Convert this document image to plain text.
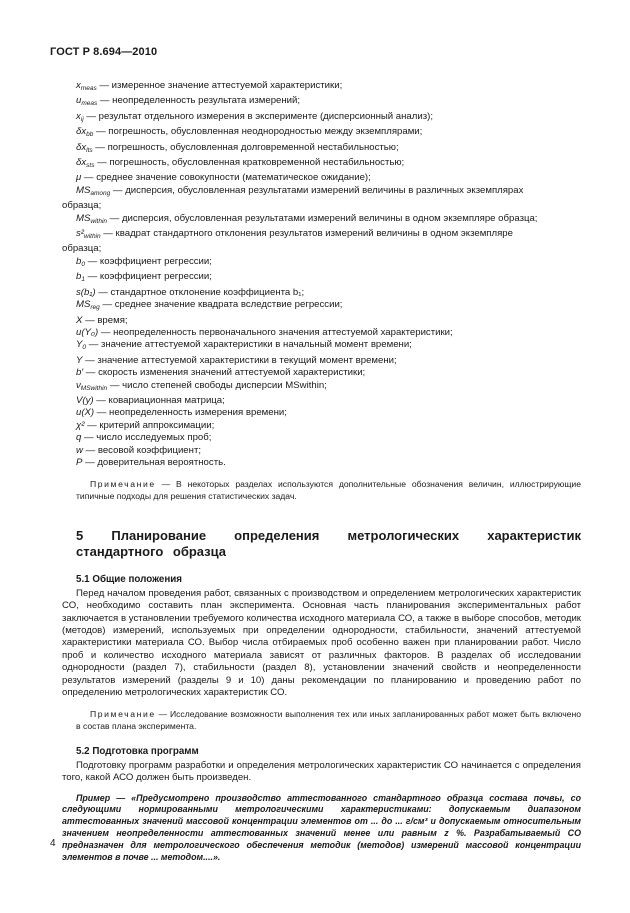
ГОСТ Р 8.694—2010
$x_{meas}$ — измеренное значение аттестуемой характеристики;
$u_{meas}$ — неопределенность результата измерений;
$x_{ij}$ — результат отдельного измерения в эксперименте (дисперсионный анализ);
$\delta x_{bb}$ — погрешность, обусловленная неоднородностью между экземплярами;
$\delta x_{lts}$ — погрешность, обусловленная долговременной нестабильностью;
$\delta x_{sts}$ — погрешность, обусловленная кратковременной нестабильностью;
μ — среднее значение совокупности (математическое ожидание);
$MS_{among}$ — дисперсия, обусловленная результатами измерений величины в различных экземплярах
образца;
$MS_{within}$ — дисперсия, обусловленная результатами измерений величины в одном экземпляре образца;
$s^2_{within}$ — квадрат стандартного отклонения результатов измерений величины в одном экземпляре
образца;
$b_0$ — коэффициент регрессии;
$b_1$ — коэффициент регрессии;
s(b₁) — стандартное отклонение коэффициента b₁;
$MS_{reg}$ — среднее значение квадрата вследствие регрессии;
X — время;
u(Y₀) — неопределенность первоначального значения аттестуемой характеристики;
$Y_0$ — значение аттестуемой характеристики в начальный момент времени;
Y — значение аттестуемой характеристики в текущий момент времени;
b′ — скорость изменения значений аттестуемой характеристики;
$\nu_{MSwithin}$ — число степеней свободы дисперсии MSwithin;
V(y) — ковариационная матрица;
u(X) — неопределенность измерения времени;
χ² — критерий аппроксимации;
q — число исследуемых проб;
w — весовой коэффициент;
P — доверительная вероятность.
Примечание — В некоторых разделах используются дополнительные обозначения величин, иллюстрирующие типичные подходы для решения статистических задач.
5 Планирование определения метрологических характеристик стандартного образца
5.1 Общие положения

Перед началом проведения работ, связанных с производством и определением метрологических характеристик СО, необходимо составить план эксперимента. Основная часть планирования экспериментальных работ заключается в установлении требуемого количества исходного материала СО, а также в выборе способов, методик (методов) измерений, используемых при определении однородности, стабильности, значений аттестуемой характеристики материала СО. Выбор числа отбираемых проб особенно важен при планировании работ. Число проб и количество исходного материала зависят от различных факторов. В разделах об исследовании однородности (раздел 7), стабильности (раздел 8), установлении значений свойств и неопределенности результатов измерений (разделы 9 и 10) даны рекомендации по планированию и проведению работ по определению метрологических характеристик СО.

Примечание — Исследование возможности выполнения тех или иных запланированных работ может быть включено в состав плана эксперимента.
5.2 Подготовка программ

Подготовку программ разработки и определения метрологических характеристик СО начинается с определения того, какой АСО должен быть произведен.

Пример — «Предусмотрено производство аттестованного стандартного образца состава почвы, со следующими нормированными метрологическими характеристиками: допускаемым диапазоном аттестованных значений массовой концентрации элементов от ... до ... г/см³ и допускаемым относительным значением неопределенности аттестованных значений менее или равным z %. Разрабатываемый СО предназначен для метрологического обеспечения методик (методов) измерений массовой концентрации элементов в почве ... методом....».

4
